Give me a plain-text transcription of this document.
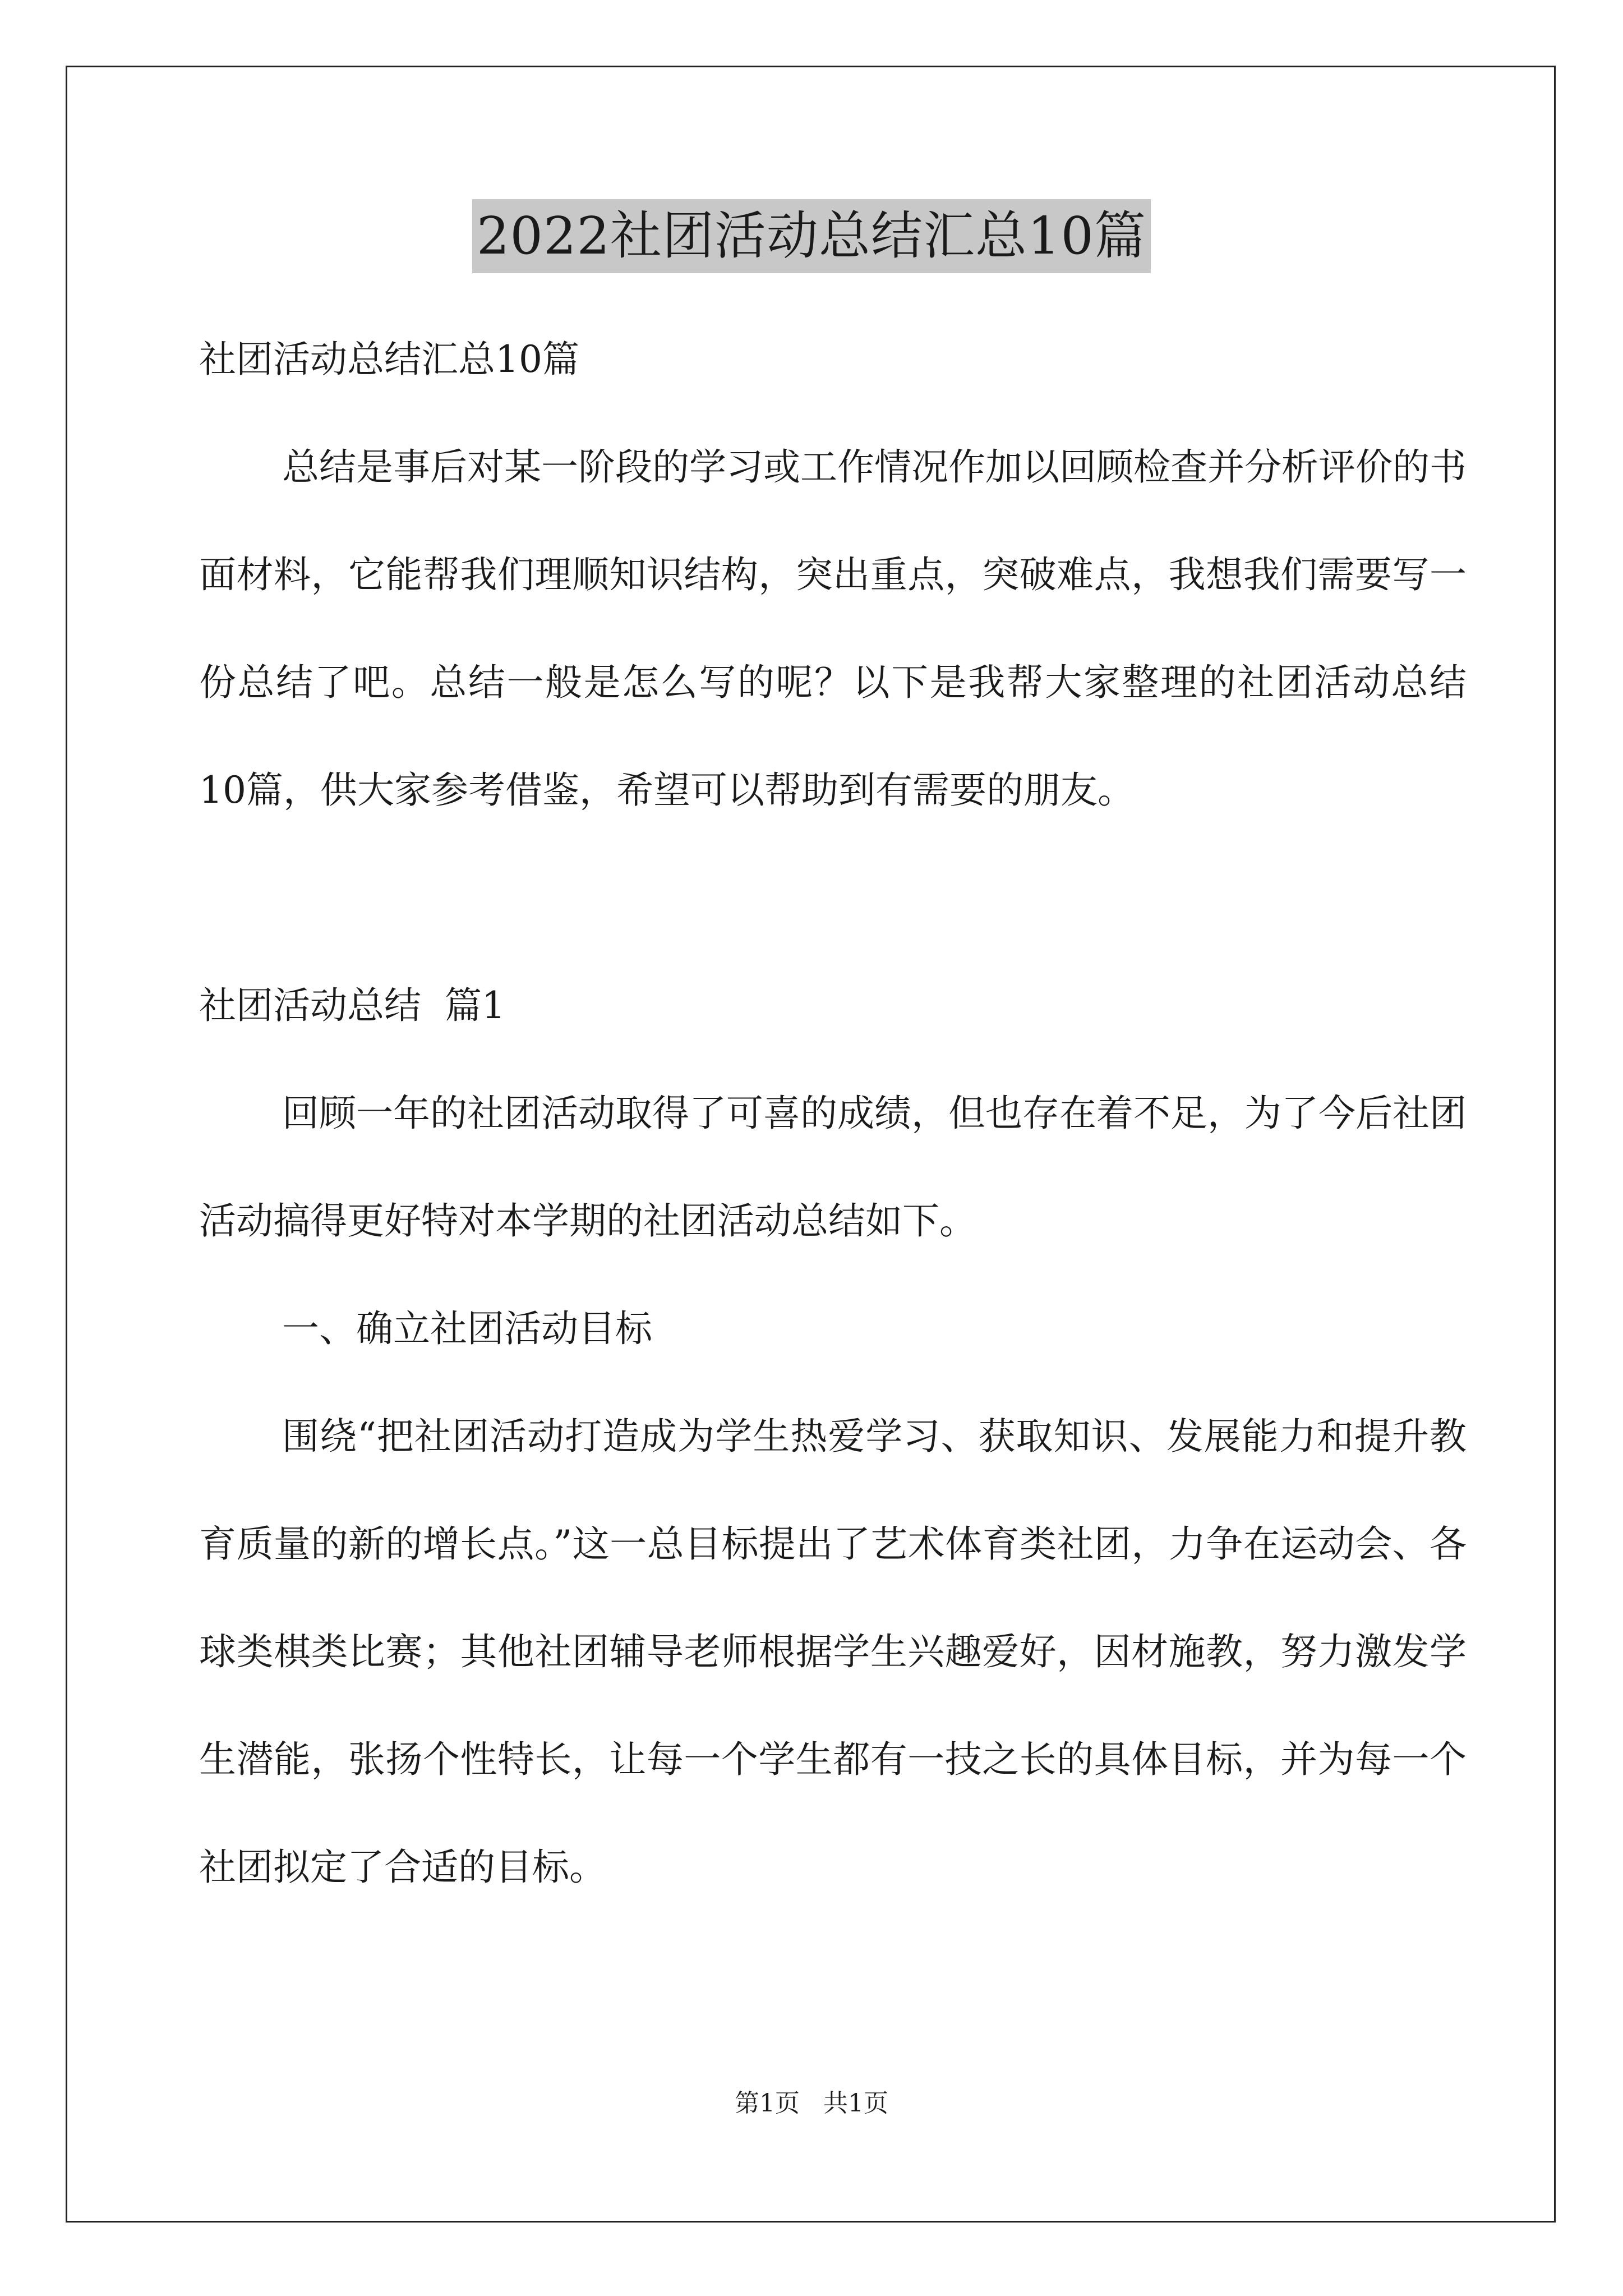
2022社团活动总结汇总10篇

社团活动总结汇总10篇

总结是事后对某一阶段的学习或工作情况作加以回顾检查并分析评价的书面材料，它能帮我们理顺知识结构，突出重点，突破难点，我想我们需要写一份总结了吧。总结一般是怎么写的呢？以下是我帮大家整理的社团活动总结10篇，供大家参考借鉴，希望可以帮助到有需要的朋友。

社团活动总结  篇1

回顾一年的社团活动取得了可喜的成绩，但也存在着不足，为了今后社团活动搞得更好特对本学期的社团活动总结如下。

一、确立社团活动目标

围绕“把社团活动打造成为学生热爱学习、获取知识、发展能力和提升教育质量的新的增长点。”这一总目标提出了艺术体育类社团，力争在运动会、各球类棋类比赛；其他社团辅导老师根据学生兴趣爱好，因材施教，努力激发学生潜能，张扬个性特长，让每一个学生都有一技之长的具体目标，并为每一个社团拟定了合适的目标。

第1页   共1页
